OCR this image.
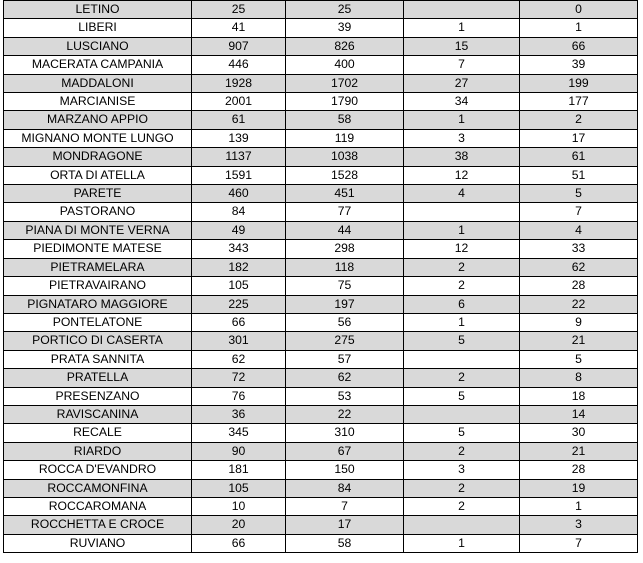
LETINO	25	25		0
LIBERI	41	39	1	1
LUSCIANO	907	826	15	66
MACERATA CAMPANIA	446	400	7	39
MADDALONI	1928	1702	27	199
MARCIANISE	2001	1790	34	177
MARZANO APPIO	61	58	1	2
MIGNANO MONTE LUNGO	139	119	3	17
MONDRAGONE	1137	1038	38	61
ORTA DI ATELLA	1591	1528	12	51
PARETE	460	451	4	5
PASTORANO	84	77		7
PIANA DI MONTE VERNA	49	44	1	4
PIEDIMONTE MATESE	343	298	12	33
PIETRAMELARA	182	118	2	62
PIETRAVAIRANO	105	75	2	28
PIGNATARO MAGGIORE	225	197	6	22
PONTELATONE	66	56	1	9
PORTICO DI CASERTA	301	275	5	21
PRATA SANNITA	62	57		5
PRATELLA	72	62	2	8
PRESENZANO	76	53	5	18
RAVISCANINA	36	22		14
RECALE	345	310	5	30
RIARDO	90	67	2	21
ROCCA D'EVANDRO	181	150	3	28
ROCCAMONFINA	105	84	2	19
ROCCAROMANA	10	7	2	1
ROCCHETTA E CROCE	20	17		3
RUVIANO	66	58	1	7
